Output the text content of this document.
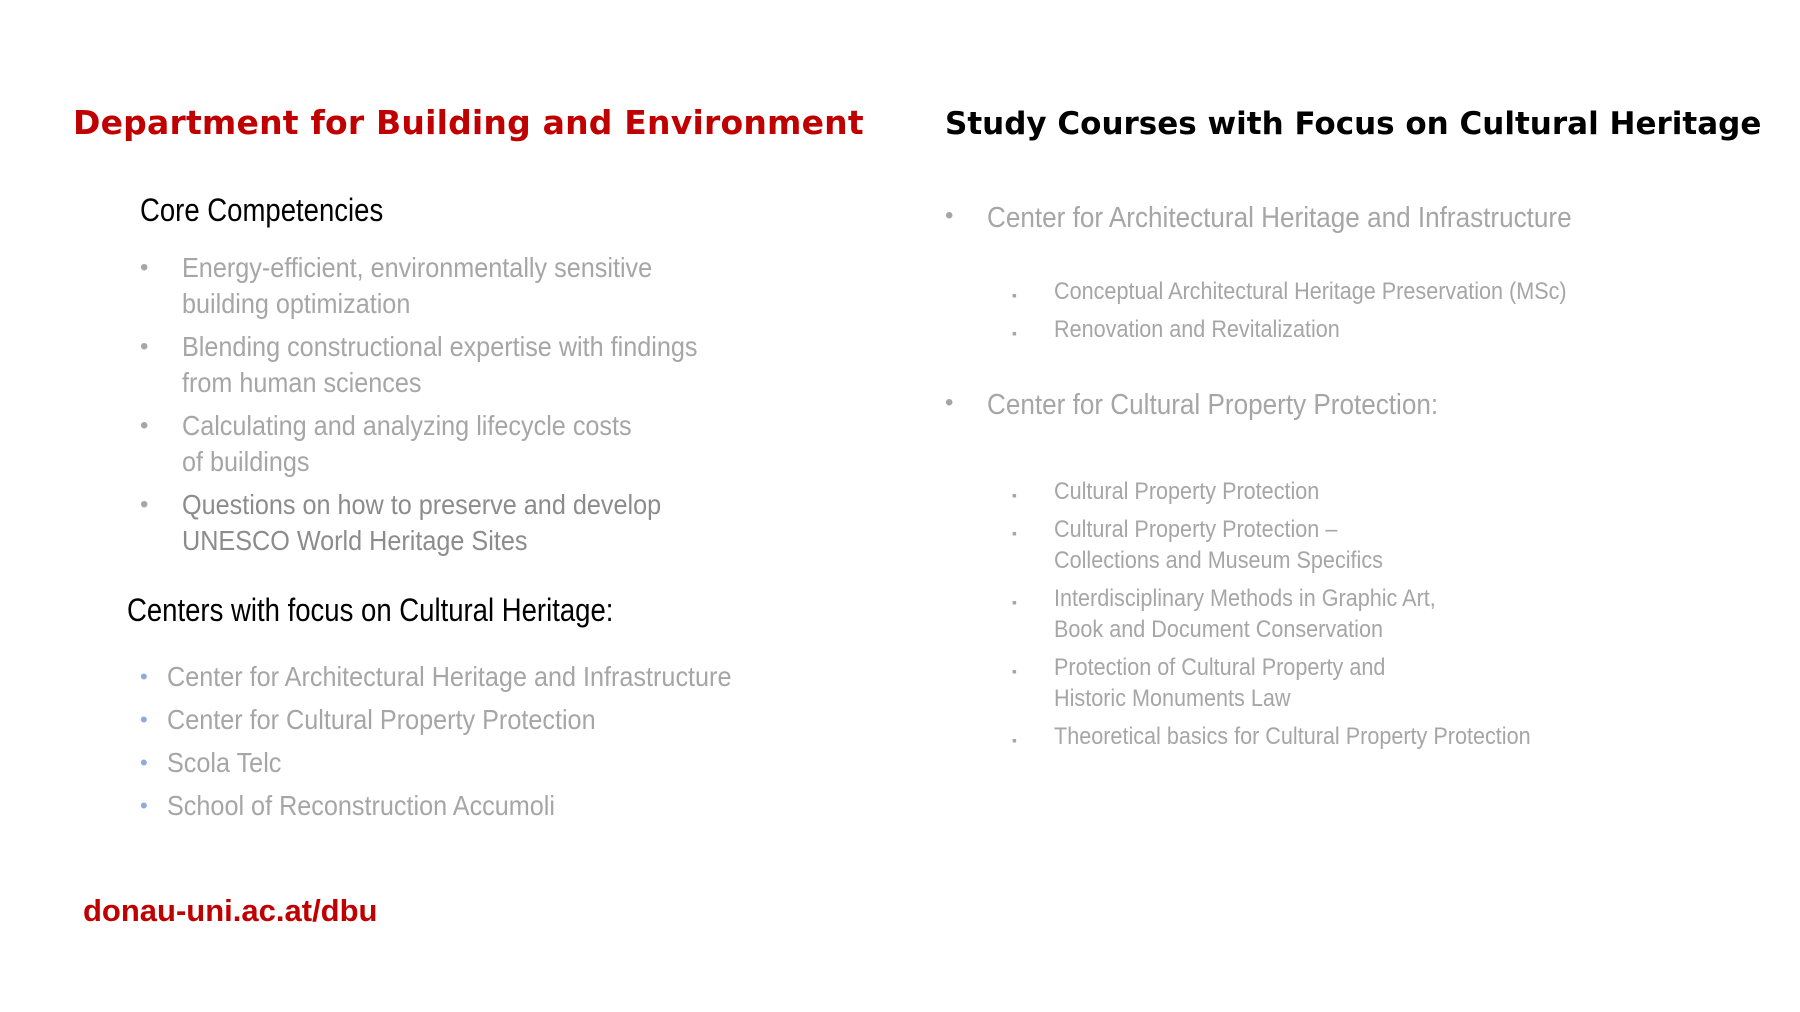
Department for Building and Environment
Core Competencies
• Energy-efficient, environmentally sensitive
building optimization
• Blending constructional expertise with findings
from human sciences
• Calculating and analyzing lifecycle costs
of buildings
• Questions on how to preserve and develop
UNESCO World Heritage Sites
Centers with focus on Cultural Heritage:
• Center for Architectural Heritage and Infrastructure
• Center for Cultural Property Protection
• Scola Telc
• School of Reconstruction Accumoli
donau-uni.ac.at/dbu
Study Courses with Focus on Cultural Heritage
• Center for Architectural Heritage and Infrastructure
▪ Conceptual Architectural Heritage Preservation (MSc)
▪ Renovation and Revitalization
• Center for Cultural Property Protection:
▪ Cultural Property Protection
▪ Cultural Property Protection –
Collections and Museum Specifics
▪ Interdisciplinary Methods in Graphic Art,
Book and Document Conservation
▪ Protection of Cultural Property and
Historic Monuments Law
▪ Theoretical basics for Cultural Property Protection
